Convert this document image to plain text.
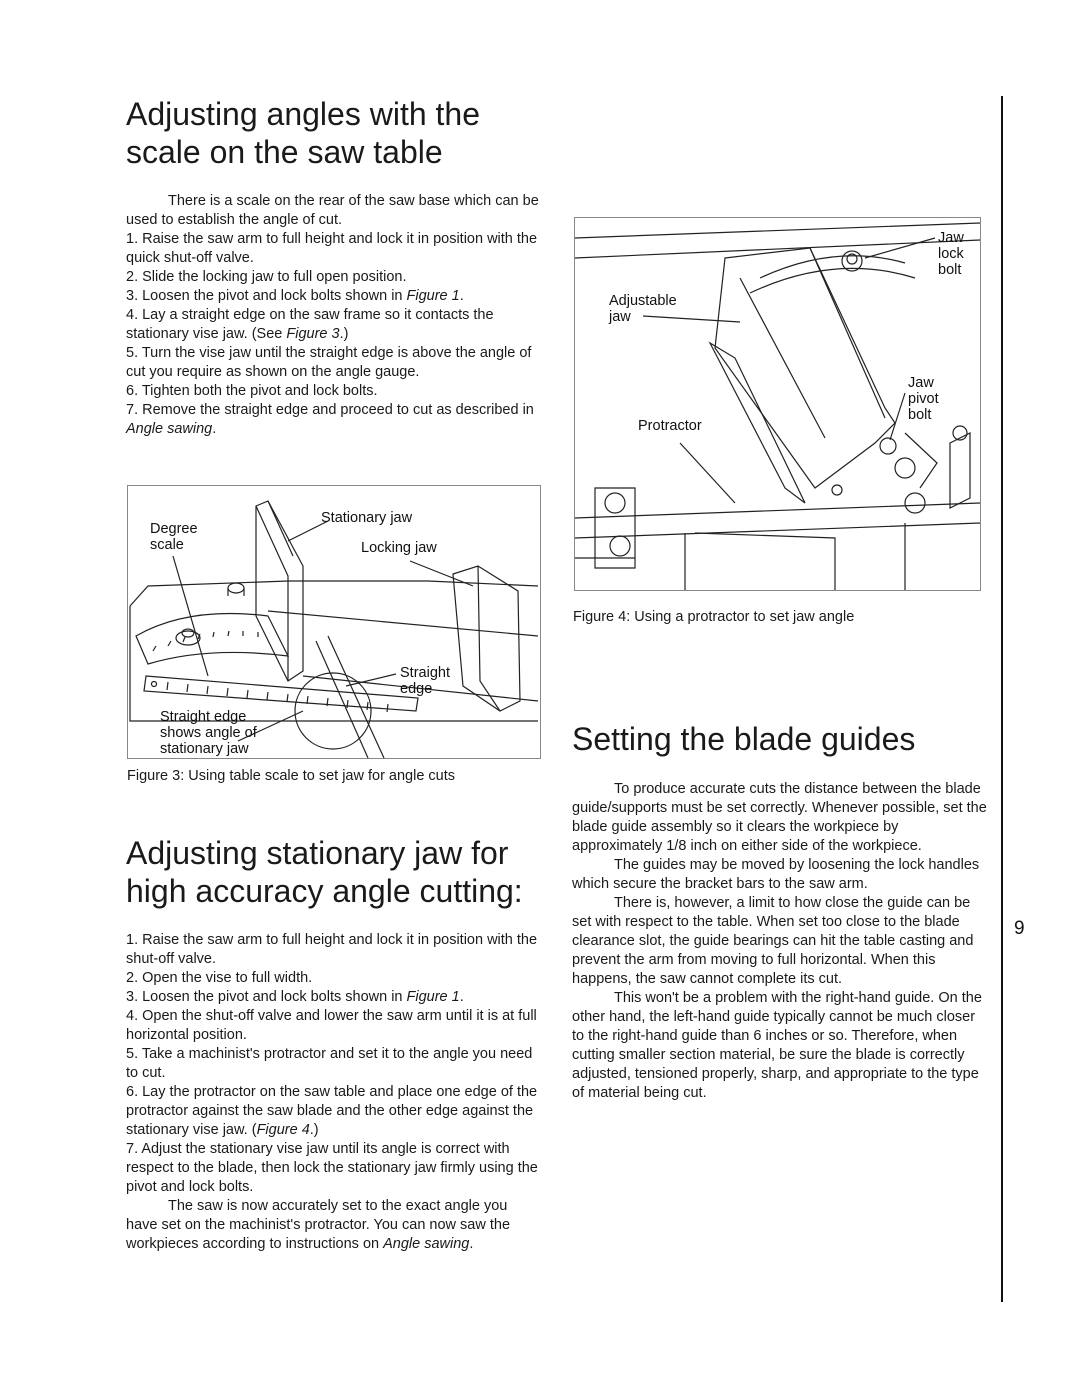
Adjusting angles with the
scale on the saw table

There is a scale on the rear of the saw base which can be used to establish the angle of cut.

1. Raise the saw arm to full height and lock it in position with the quick shut-off valve.

2. Slide the locking jaw to full open position.

3. Loosen the pivot and lock bolts shown in Figure 1.

4. Lay a straight edge on the saw frame so it contacts the stationary vise jaw. (See Figure 3.)

5. Turn the vise jaw until the straight edge is above the angle of cut you require as shown on the angle gauge.

6. Tighten both the pivot and lock bolts.

7. Remove the straight edge and proceed to cut as described in Angle sawing.

Degree
scale
Stationary jaw
Locking jaw
Straight
edge
Straight edge
shows angle of
stationary jaw
Figure 3: Using table scale to set jaw for angle cuts
Adjusting stationary jaw for
high accuracy angle cutting:

1. Raise the saw arm to full height and lock it in position with the shut-off valve.

2. Open the vise to full width.

3. Loosen the pivot and lock bolts shown in Figure 1.

4. Open the shut-off valve and lower the saw arm until it is at full horizontal position.

5. Take a machinist's protractor and set it to the angle you need to cut.

6. Lay the protractor on the saw table and place one edge of the protractor against the saw blade and the other edge against the stationary vise jaw. (Figure 4.)

7. Adjust the stationary vise jaw until its angle is correct with respect to the blade, then lock the stationary jaw firmly using the pivot and lock bolts.

The saw is now accurately set to the exact angle you have set on the machinist's protractor. You can now saw the workpieces according to instructions on Angle sawing.

Jaw
lock
bolt
Adjustable
jaw
Jaw
pivot
bolt
Protractor
Figure 4: Using a protractor to set jaw angle
Setting the blade guides

To produce accurate cuts the distance between the blade guide/supports must be set correctly. Whenever possible, set the blade guide assembly so it clears the workpiece by approximately 1/8 inch on either side of the workpiece.

The guides may be moved by loosening the lock handles which secure the bracket bars to the saw arm.

There is, however, a limit to how close the guide can be set with respect to the table. When set too close to the blade clearance slot, the guide bearings can hit the table casting and prevent the arm from moving to full horizontal. When this happens, the saw cannot complete its cut.

This won't be a problem with the right-hand guide. On the other hand, the left-hand guide typically cannot be much closer to the right-hand guide than 6 inches or so. Therefore, when cutting smaller section material, be sure the blade is correctly adjusted, tensioned properly, sharp, and appropriate to the type of material being cut.

9
